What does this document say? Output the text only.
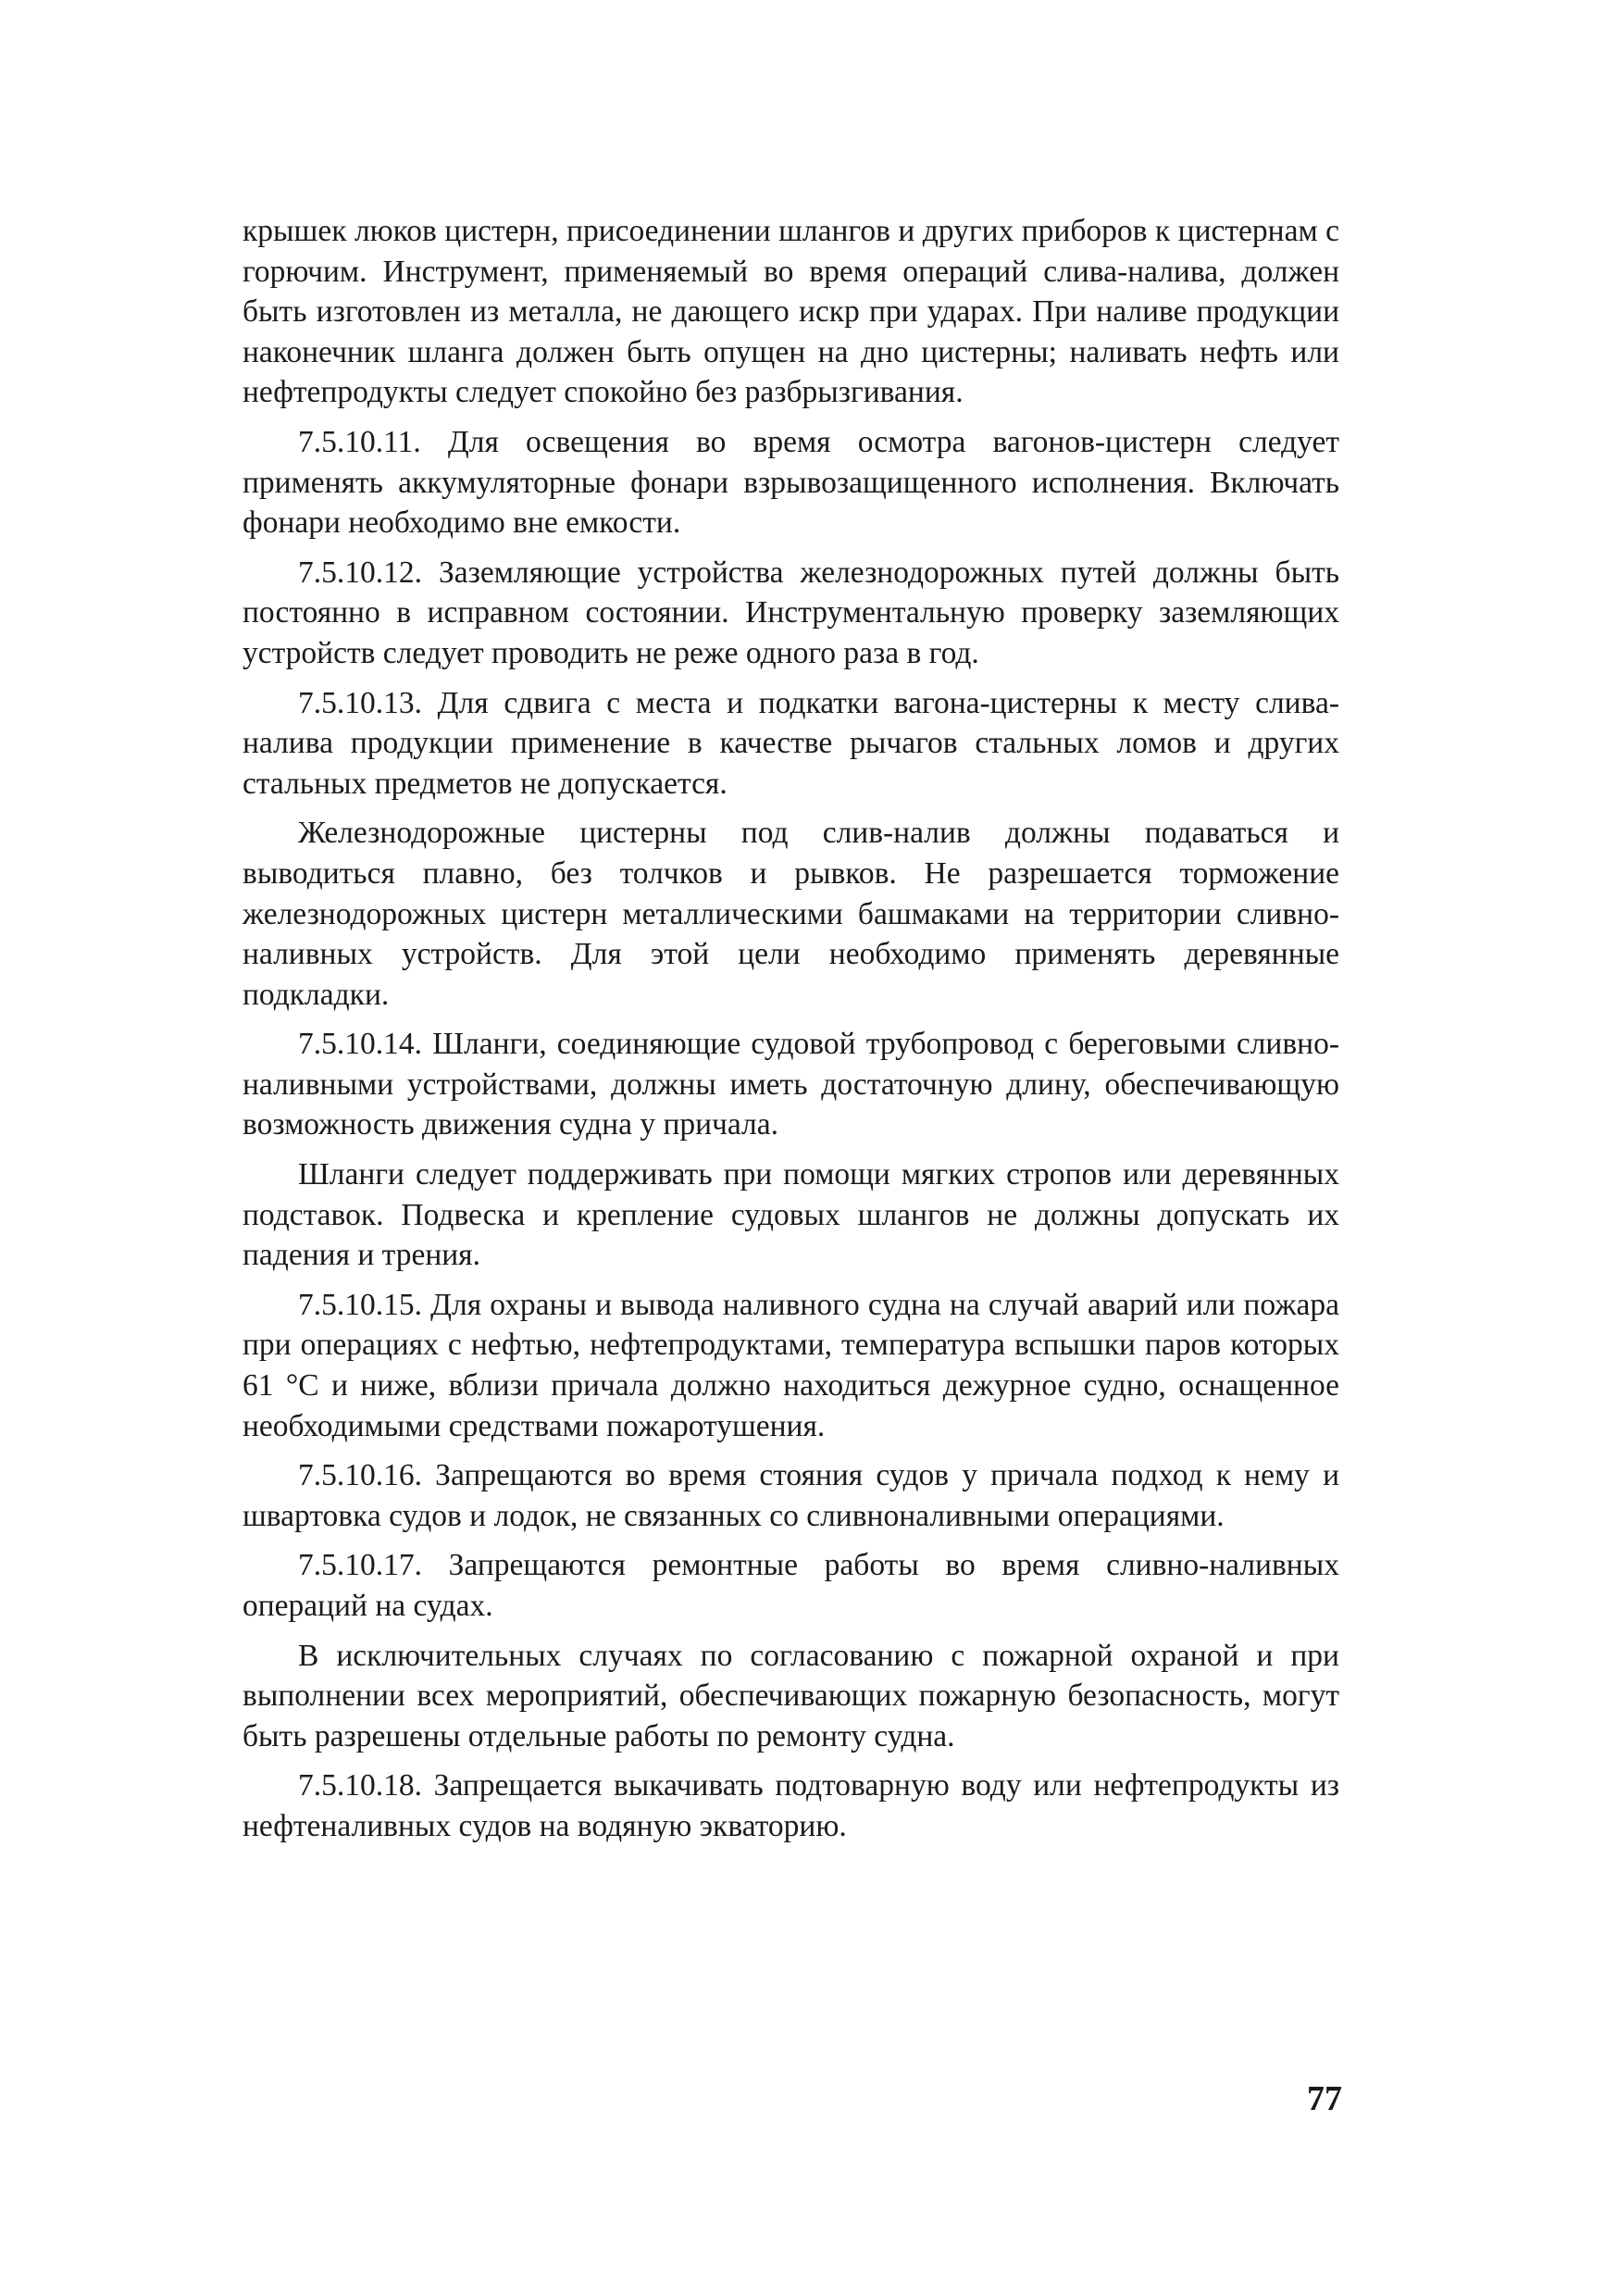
крышек люков цистерн, присоединении шлангов и других приборов к цистернам с горючим. Инструмент, применяемый во время операций слива-налива, должен быть изготовлен из металла, не дающего искр при ударах. При наливе продукции наконечник шланга должен быть опущен на дно цистерны; наливать нефть или нефтепродукты следует спокойно без разбрызгивания.

7.5.10.11. Для освещения во время осмотра вагонов-цистерн следует применять аккумуляторные фонари взрывозащищенного исполнения. Включать фонари необходимо вне емкости.

7.5.10.12. Заземляющие устройства железнодорожных путей должны быть постоянно в исправном состоянии. Инструментальную проверку заземляющих устройств следует проводить не реже одного раза в год.

7.5.10.13. Для сдвига с места и подкатки вагона-цистерны к месту слива-налива продукции применение в качестве рычагов стальных ломов и других стальных предметов не допускается.

Железнодорожные цистерны под слив-налив должны подаваться и выводиться плавно, без толчков и рывков. Не разрешается торможение железнодорожных цистерн металлическими башмаками на территории сливно-наливных устройств. Для этой цели необходимо применять деревянные подкладки.

7.5.10.14. Шланги, соединяющие судовой трубопровод с береговыми сливно-наливными устройствами, должны иметь достаточную длину, обеспечивающую возможность движения судна у причала.

Шланги следует поддерживать при помощи мягких стропов или деревянных подставок. Подвеска и крепление судовых шлангов не должны допускать их падения и трения.

7.5.10.15. Для охраны и вывода наливного судна на случай аварий или пожара при операциях с нефтью, нефтепродуктами, температура вспышки паров которых 61 °С и ниже, вблизи причала должно находиться дежурное судно, оснащенное необходимыми средствами пожаротушения.

7.5.10.16. Запрещаются во время стояния судов у причала подход к нему и швартовка судов и лодок, не связанных со сливноналивными операциями.

7.5.10.17. Запрещаются ремонтные работы во время сливно-наливных операций на судах.

В исключительных случаях по согласованию с пожарной охраной и при выполнении всех мероприятий, обеспечивающих пожарную безопасность, могут быть разрешены отдельные работы по ремонту судна.

7.5.10.18. Запрещается выкачивать подтоварную воду или нефтепродукты из нефтеналивных судов на водяную экваторию.

77
